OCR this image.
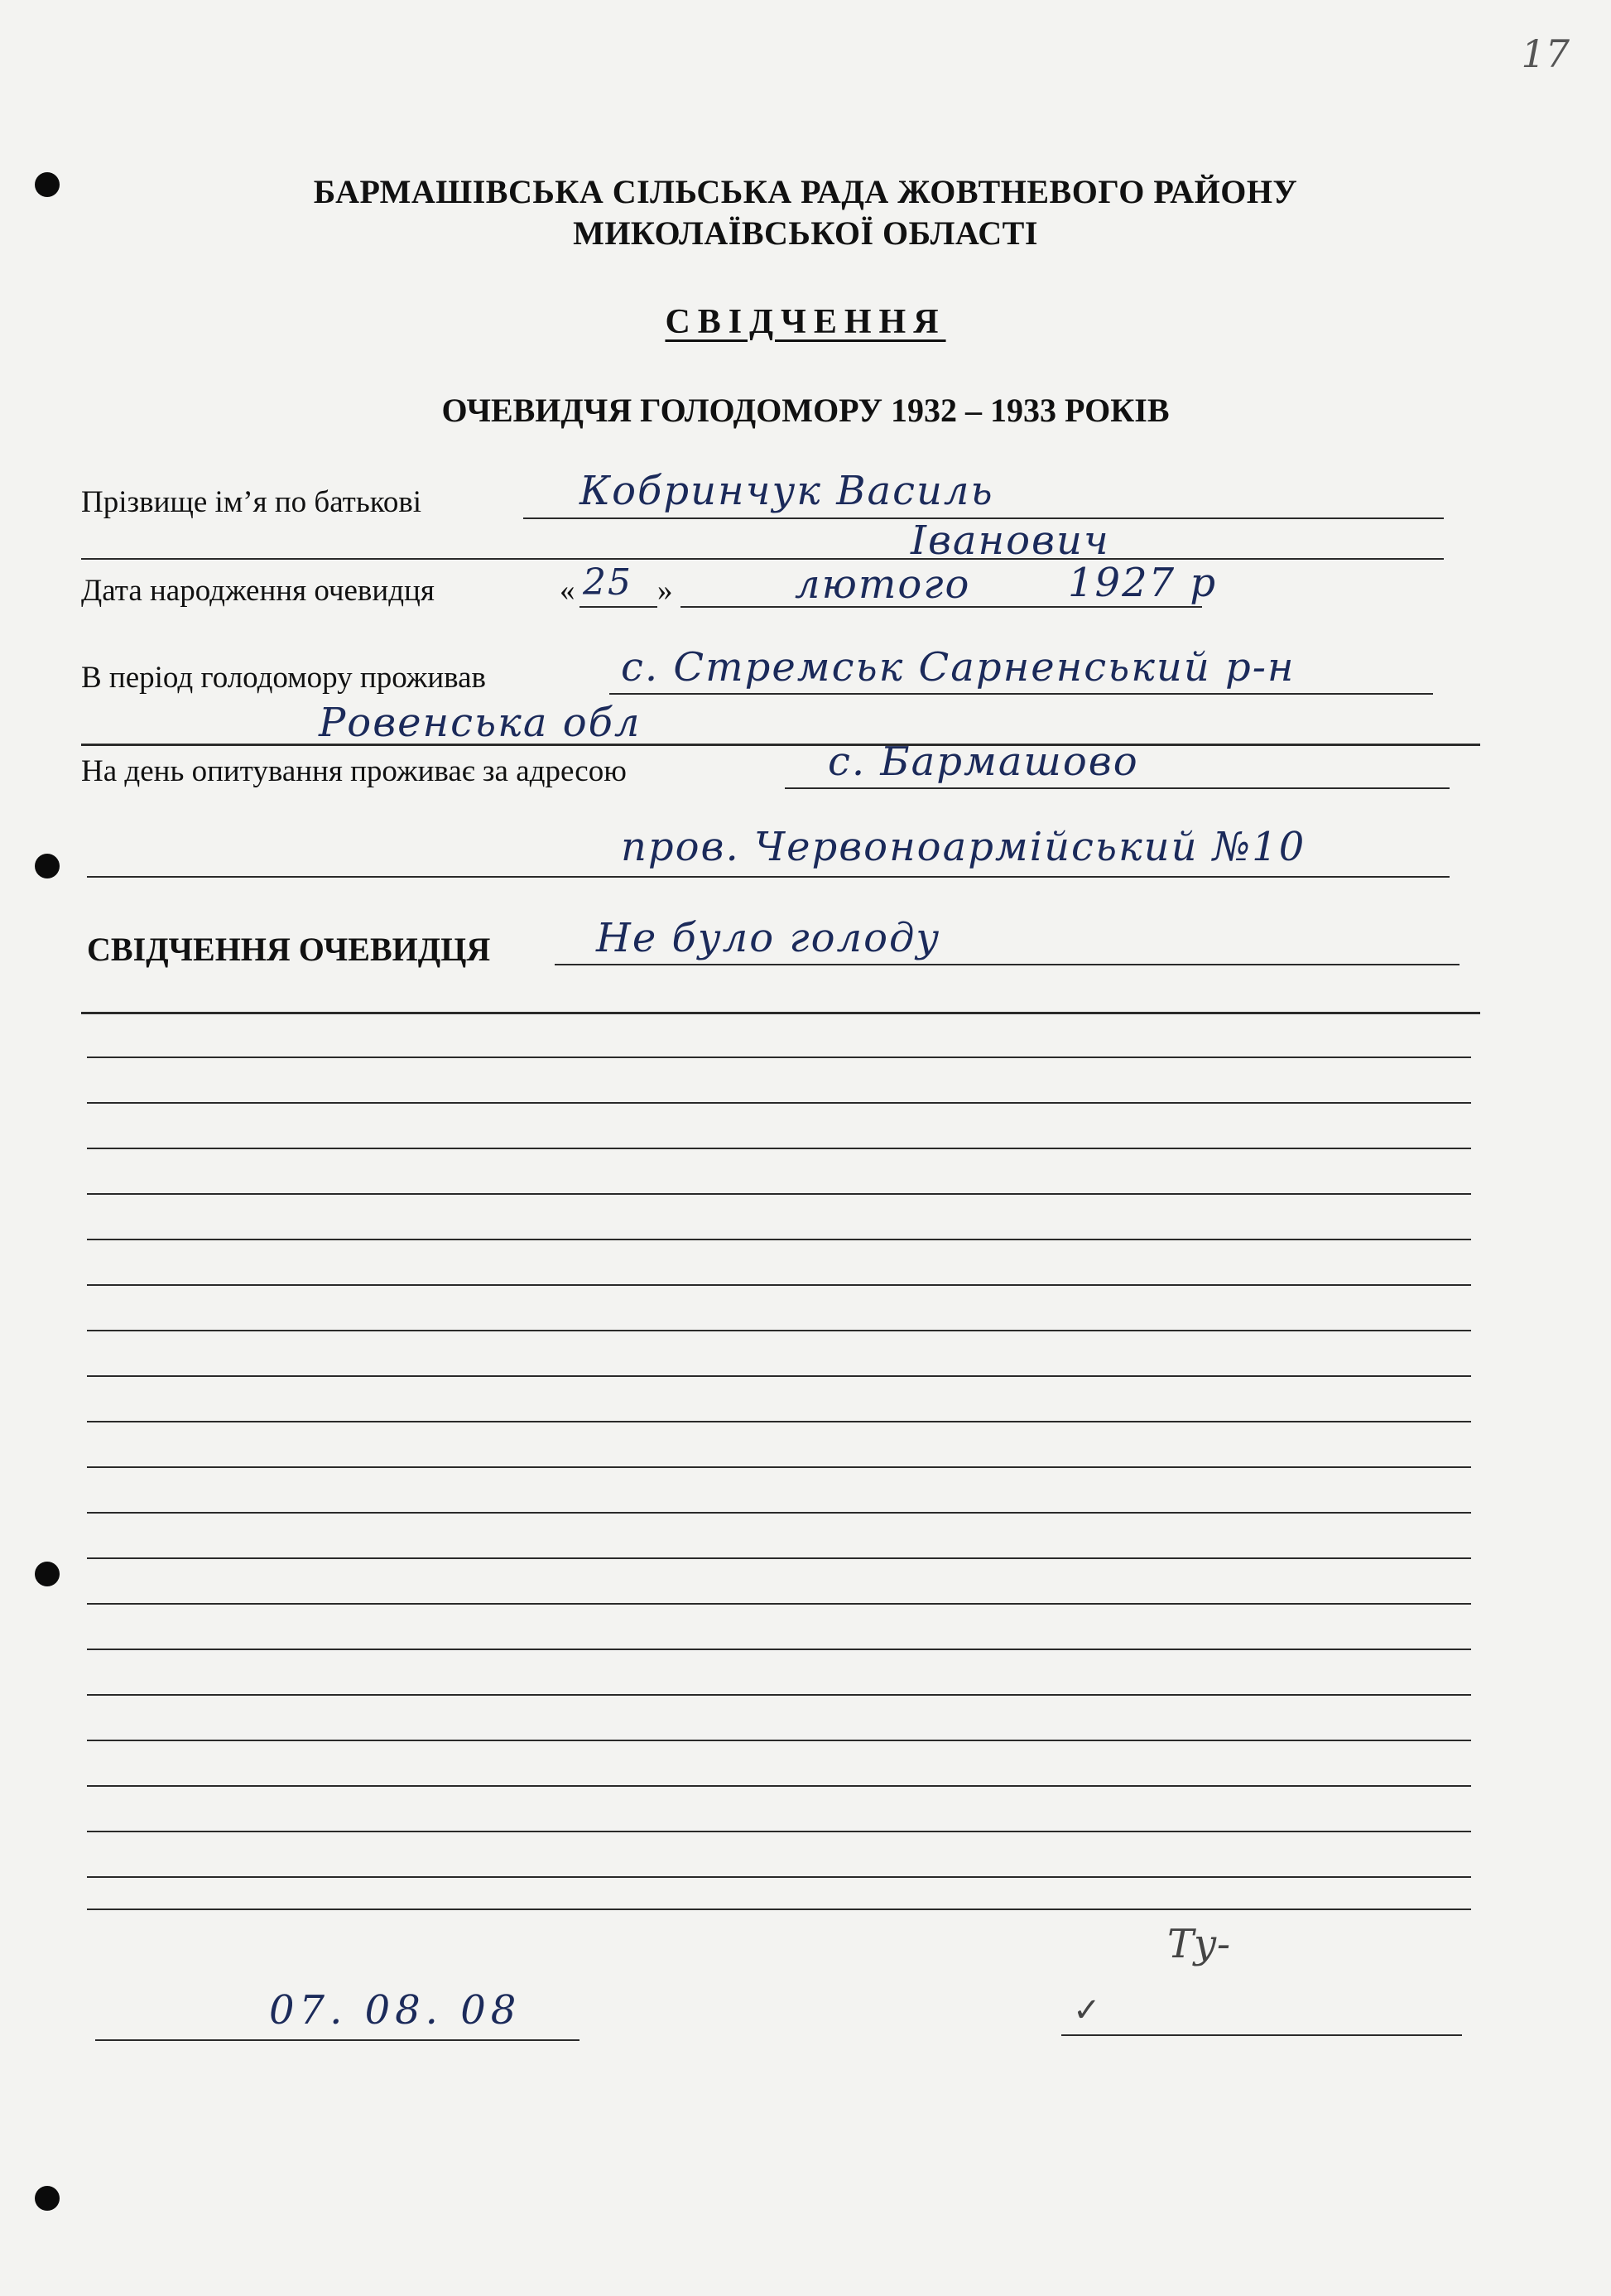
17
БАРМАШІВСЬКА СІЛЬСЬКА РАДА ЖОВТНЕВОГО РАЙОНУ
МИКОЛАЇВСЬКОЇ ОБЛАСТІ
СВІДЧЕННЯ
ОЧЕВИДЧЯ ГОЛОДОМОРУ 1932 – 1933 РОКІВ
Прізвище ім’я по батькові	Кобринчук Василь
Іванович
Дата народження очевидця	« 25 »	лютого 1927 р
В період голодомору проживав	с. Стремськ Сарненський р-н
Ровенська обл
На день опитування проживає за адресою	с. Бармашово
пров. Червоноармійський №10
СВІДЧЕННЯ ОЧЕВИДЦЯ	Не було голоду
07. 08. 08	✓
Ту-
